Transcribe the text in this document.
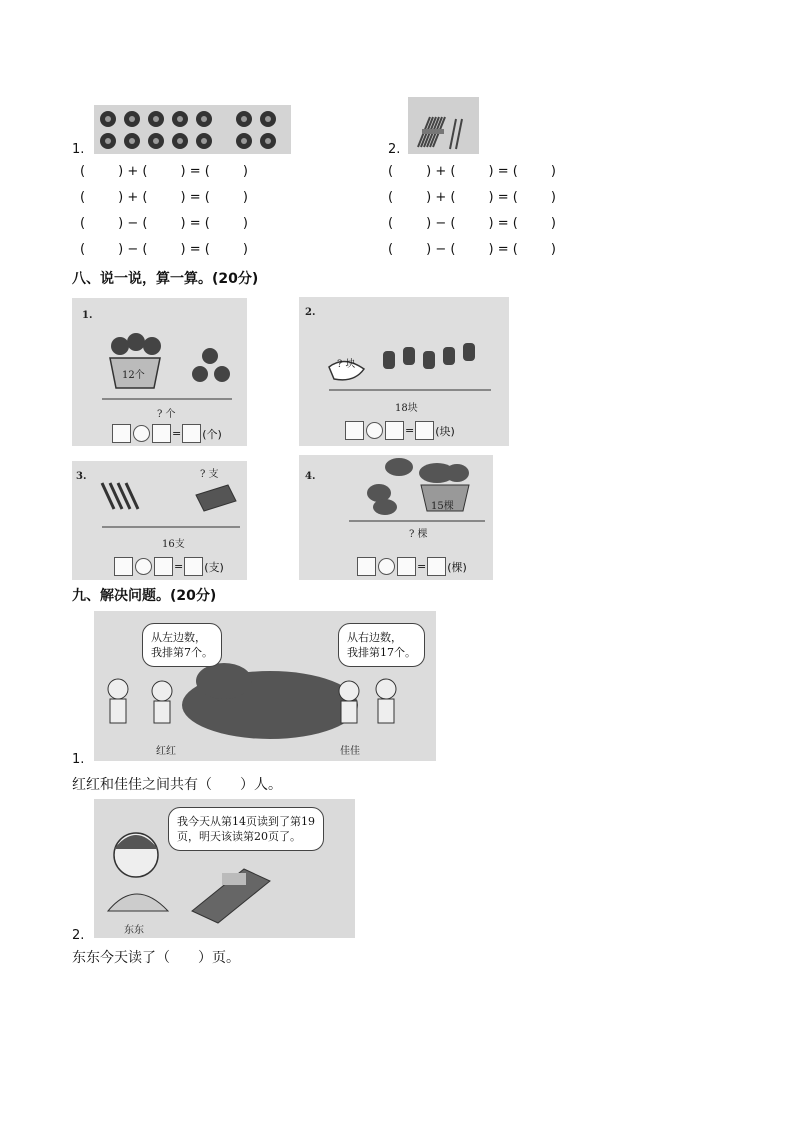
1.	2.
(        ) + (        ) = (        )
(        ) + (        ) = (        )
(        ) − (        ) = (        )
(        ) − (        ) = (        )
(        ) + (        ) = (        )
(        ) + (        ) = (        )
(        ) − (        ) = (        )
(        ) − (        ) = (        )
八、说一说，算一算。(20分)
1.
12个
? 个
= (个)
2.
? 块
18块
= (块)
3.	? 支
16支
= (支)
4.
15棵
? 棵
= (棵)
九、解决问题。(20分)
从左边数，
我排第7个。
从右边数，
我排第17个。
红红	佳佳
1.
红红和佳佳之间共有（　　）人。
我今天从第14页读到了第19
页，明天该读第20页了。
东东
2.
东东今天读了（　　）页。
